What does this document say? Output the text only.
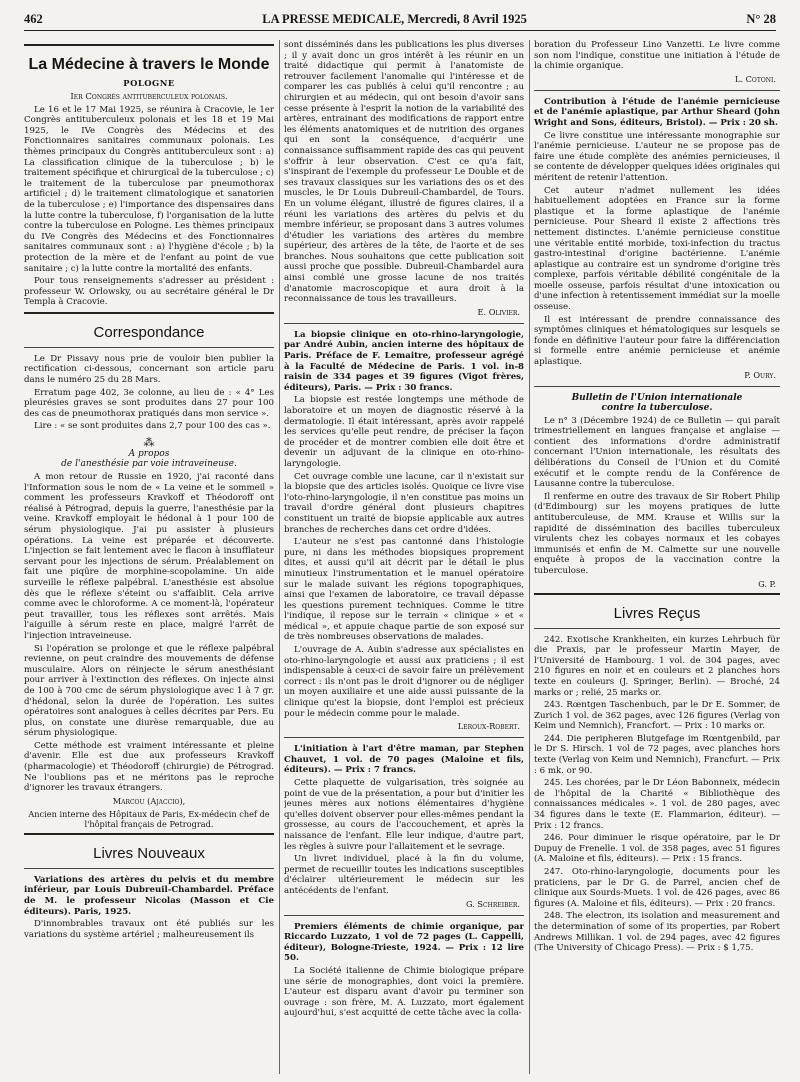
462	LA PRESSE MEDICALE, Mercredi, 8 Avril 1925	N° 28
La Médecine à travers le Monde
POLOGNE

Ier Congrès antituberculeux polonais.

Le 16 et le 17 Mai 1925, se réunira à Cracovie, le 1er Congrès antituberculeux polonais et les 18 et 19 Mai 1925, le IVe Congrès des Médecins et des Fonctionnaires sanitaires communaux polonais. Les thèmes principaux du Congrès antituberculeux sont : a) La classification clinique de la tuberculose ; b) le traitement spécifique et chirurgical de la tuberculose ; c) le traitement de la tuberculose par pneumothorax artificiel ; d) le traitement climatologique et sanatorien de la tuberculose ; e) l'importance des dispensaires dans la lutte contre la tuberculose, f) l'organisation de la lutte contre la tuberculose en Pologne. Les thèmes principaux du IVe Congrès des Médecins et des Fonctionnaires sanitaires communaux sont : a) l'hygiène d'école ; b) la protection de la mère et de l'enfant au point de vue sanitaire ; c) la lutte contre la mortalité des enfants.

Pour tous renseignements s'adresser au président : professeur W. Orlowsky, ou au secrétaire général le Dr Templa à Cracovie.

Correspondance

Le Dr Pissavy nous prie de vouloir bien publier la rectification ci-dessous, concernant son article paru dans le numéro 25 du 28 Mars.

Erratum page 402, 3e colonne, au lieu de : « 4° Les pleurésies graves se sont produites dans 27 pour 100 des cas de pneumothorax pratiqués dans mon service ».

Lire : « se sont produites dans 2,7 pour 100 des cas ».

⁂
A propos
de l'anesthésie par voie intraveineuse.

A mon retour de Russie en 1920, j'ai raconté dans l'Information sous le nom de « La veine et le sommeil » comment les professeurs Kravkoff et Théodoroff ont réalisé à Pétrograd, depuis la guerre, l'anesthésie par la veine. Kravkoff employait le hédonal à 1 pour 100 de sérum physiologique. J'ai pu assister à plusieurs opérations. La veine est préparée et découverte. L'injection se fait lentement avec le flacon à insufflateur servant pour les injections de sérum. Préalablement on fait une piqûre de morphine-scopolamine. Un aide surveille le réflexe palpébral. L'anesthésie est absolue dès que le réflexe s'éteint ou s'affaiblit. Cela arrive comme avec le chloroforme. A ce moment-là, l'opérateur peut travailler, tous les réflexes sont arrêtés. Mais l'aiguille à sérum reste en place, malgré l'arrêt de l'injection intraveineuse.

Si l'opération se prolonge et que le réflexe palpébral revienne, on peut craindre des mouvements de défense musculaire. Alors on réinjecte le sérum anesthésiant pour arriver à l'extinction des réflexes. On injecte ainsi de 100 à 700 cmc de sérum physiologique avec 1 à 7 gr. d'hédonal, selon la durée de l'opération. Les suites opératoires sont analogues à celles décrites par Pers. Eu plus, on constate une diurèse remarquable, due au sérum physiologique.

Cette méthode est vraiment intéressante et pleine d'avenir. Elle est due aux professeurs Kravkoff (pharmacologie) et Théodoroff (chirurgie) de Pétrograd. Ne l'oublions pas et ne méritons pas le reproche d'ignorer les travaux étrangers.

Marcou (Ajaccio),
Ancien interne des Hôpitaux de Paris, Ex-médecin chef de l'hôpital français de Petrograd.
Livres Nouveaux

Variations des artères du pelvis et du membre inférieur, par Louis Dubreuil-Chambardel. Préface de M. le professeur Nicolas (Masson et Cie éditeurs). Paris, 1925.

D'innombrables travaux ont été publiés sur les variations du système artériel ; malheureusement ils

sont disséminés dans les publications les plus diverses ; il y avait donc un gros intérêt à les réunir en un traité didactique qui permit à l'anatomiste de retrouver facilement l'anomalie qui l'intéresse et de comparer les cas publiés à celui qu'il rencontre ; au chirurgien et au médecin, qui ont besoin d'avoir sans cesse présente à l'esprit la notion de la variabilité des artères, entrainant des modifications de rapport entre les éléments anatomiques et de nutrition des organes qui en sont la conséquence, d'acquérir une connaissance suffisamment rapide des cas qui peuvent s'offrir à leur observation. C'est ce qu'a fait, s'inspirant de l'exemple du professeur Le Double et de ses travaux classiques sur les variations des os et des muscles, le Dr Louis Dubreuil-Chambardel, de Tours. En un volume élégant, illustré de figures claires, il a réuni les variations des artères du pelvis et du membre inférieur, se proposant dans 3 autres volumes d'étudier les variations des artères du membre supérieur, des artères de la tête, de l'aorte et de ses branches. Nous souhaitons que cette publication soit aussi proche que possible. Dubreuil-Chambardel aura ainsi comblé une grosse lacune de nos traités d'anatomie macroscopique et aura droit à la reconnaissance de tous les travailleurs.

E. Olivier.

La biopsie clinique en oto-rhino-laryngologie, par André Aubin, ancien interne des hôpitaux de Paris. Préface de F. Lemaitre, professeur agrégé à la Faculté de Médecine de Paris. 1 vol. in-8 raisin de 334 pages et 39 figures (Vigot frères, éditeurs), Paris. — Prix : 30 francs.

La biopsie est restée longtemps une méthode de laboratoire et un moyen de diagnostic réservé à la dermatologie. Il était intéressant, après avoir rappelé les services qu'elle peut rendre, de préciser la façon de procéder et de montrer combien elle doit être et devenir un adjuvant de la clinique en oto-rhino-laryngologie.

Cet ouvrage comble une lacune, car il n'existait sur la biopsie que des articles isolés. Quoique ce livre vise l'oto-rhino-laryngologie, il n'en constitue pas moins un travail d'ordre général dont plusieurs chapitres constituent un traité de biopsie applicable aux autres branches de recherches dans cet ordre d'idées.

L'auteur ne s'est pas cantonné dans l'histologie pure, ni dans les méthodes biopsiques proprement dites, et aussi qu'il ait décrit par le détail le plus minutieux l'instrumentation et le manuel opératoire sur le malade suivant les régions topographiques, ainsi que l'examen de laboratoire, ce travail dépasse les questions purement techniques. Comme le titre l'indique, il repose sur le terrain « clinique » et « médical », et appuie chaque partie de son exposé sur de très nombreuses observations de malades.

L'ouvrage de A. Aubin s'adresse aux spécialistes en oto-rhino-laryngologie et aussi aux praticiens ; il est indispensable à ceux-ci de savoir faire un prélèvement correct : ils n'ont pas le droit d'ignorer ou de négliger un moyen auxiliaire et une aide aussi puissante de la clinique qu'est la biopsie, dont l'emploi est précieux pour le médecin comme pour le malade.

Leroux-Robert.

L'initiation à l'art d'être maman, par Stephen Chauvet, 1 vol. de 70 pages (Maloine et fils, éditeurs). — Prix : 7 francs.

Cette plaquette de vulgarisation, très soignée au point de vue de la présentation, a pour but d'initier les jeunes mères aux notions élémentaires d'hygiène qu'elles doivent observer pour elles-mêmes pendant la grossesse, au cours de l'accouchement, et après la naissance de l'enfant. Elle leur indique, d'autre part, les règles à suivre pour l'allaitement et le sevrage.

Un livret individuel, placé à la fin du volume, permet de recueillir toutes les indications susceptibles d'éclairer ultérieurement le médecin sur les antécédents de l'enfant.

G. Schreiber.

Premiers éléments de chimie organique, par Riccardo Luzzato, 1 vol de 72 pages (L. Cappelli, éditeur), Bologne-Trieste, 1924. — Prix : 12 lire 50.

La Société italienne de Chimie biologique prépare une série de monographies, dont voici la première. L'auteur est disparu avant d'avoir pu terminer son ouvrage : son frère, M. A. Luzzato, mort également aujourd'hui, s'est acquitté de cette tâche avec la colla-

boration du Professeur Lino Vanzetti. Le livre comme son nom l'indique, constitue une initiation à l'étude de la chimie organique.

L. Cotoni.

Contribution à l'étude de l'anémie pernicieuse et de l'anémie aplastique, par Arthur Sheard (John Wright and Sons, éditeurs, Bristol). — Prix : 20 sh.

Ce livre constitue une intéressante monographie sur l'anémie pernicieuse. L'auteur ne se propose pas de faire une étude complète des anémies pernicieuses, il se contente de développer quelques idées originales qui méritent de retenir l'attention.

Cet auteur n'admet nullement les idées habituellement adoptées en France sur la forme plastique et la forme aplastique de l'anémie pernicieuse. Pour Sheard il existe 2 affections très nettement distinctes. L'anémie pernicieuse constitue une véritable entité morbide, toxi-infection du tractus gastro-intestinal d'origine bactérienne. L'anémie aplastique au contraire est un syndrome d'origine très complexe, parfois véritable débilité congénitale de la moelle osseuse, parfois résultat d'une intoxication ou d'une infection à retentissement immédiat sur la moelle osseuse.

Il est intéressant de prendre connaissance des symptômes cliniques et hématologiques sur lesquels se fonde en définitive l'auteur pour faire la différenciation si formelle entre anémie pernicieuse et anémie aplastique.

P. Oury.
Bulletin de l'Union internationale
contre la tuberculose.

Le n° 3 (Décembre 1924) de ce Bulletin — qui paraît trimestriellement en langues française et anglaise — contient des informations d'ordre administratif concernant l'Union internationale, les résultats des délibérations du Conseil de l'Union et du Comité exécutif et le compte rendu de la Conférence de Lausanne contre la tuberculose.

Il renferme en outre des travaux de Sir Robert Philip (d'Edimbourg) sur les moyens pratiques de lutte antituberculeuse, de MM. Krause et Willis sur la rapidité de dissémination des bacilles tuberculeux virulents chez les cobayes normaux et les cobayes immunisés et enfin de M. Calmette sur une nouvelle enquête à propos de la vaccination contre la tuberculose.

G. P.
Livres Reçus

242. Exotische Krankheiten, ein kurzes Lehrbuch für die Praxis, par le professeur Martin Mayer, de l'Université de Hambourg. 1 vol. de 304 pages, avec 210 figures en noir et en couleurs et 2 planches hors texte en couleurs (J. Springer, Berlin). — Broché, 24 marks or ; relié, 25 marks or.

243. Rœntgen Taschenbuch, par le Dr E. Sommer, de Zurich 1 vol. de 362 pages, avec 126 figures (Verlag von Keim und Nemnich), Francfort. — Prix : 10 marks or.

244. Die peripheren Blutgefage im Rœntgenbild, par le Dr S. Hirsch. 1 vol de 72 pages, avec planches hors texte (Verlag von Keim und Nemnich), Francfurt. — Prix : 6 mk. or 90.

245. Les chorées, par le Dr Léon Babonneix, médecin de l'hôpital de la Charité « Bibliothèque des connaissances médicales ». 1 vol. de 280 pages, avec 34 figures dans le texte (E. Flammarion, éditeur). — Prix : 12 francs.

246. Pour diminuer le risque opératoire, par le Dr Dupuy de Frenelle. 1 vol. de 358 pages, avec 51 figures (A. Maloine et fils, éditeurs). — Prix : 15 francs.

247. Oto-rhino-laryngologie, documents pour les praticiens, par le Dr G. de Parrel, ancien chef de clinique aux Sourds-Muets. 1 vol. de 426 pages, avec 86 figures (A. Maloine et fils, éditeurs). — Prix : 20 francs.

248. The electron, its isolation and measurement and the determination of some of its properties, par Robert Andrews Millikan. 1 vol. de 294 pages, avec 42 figures (The University of Chicago Press). — Prix : $ 1,75.
